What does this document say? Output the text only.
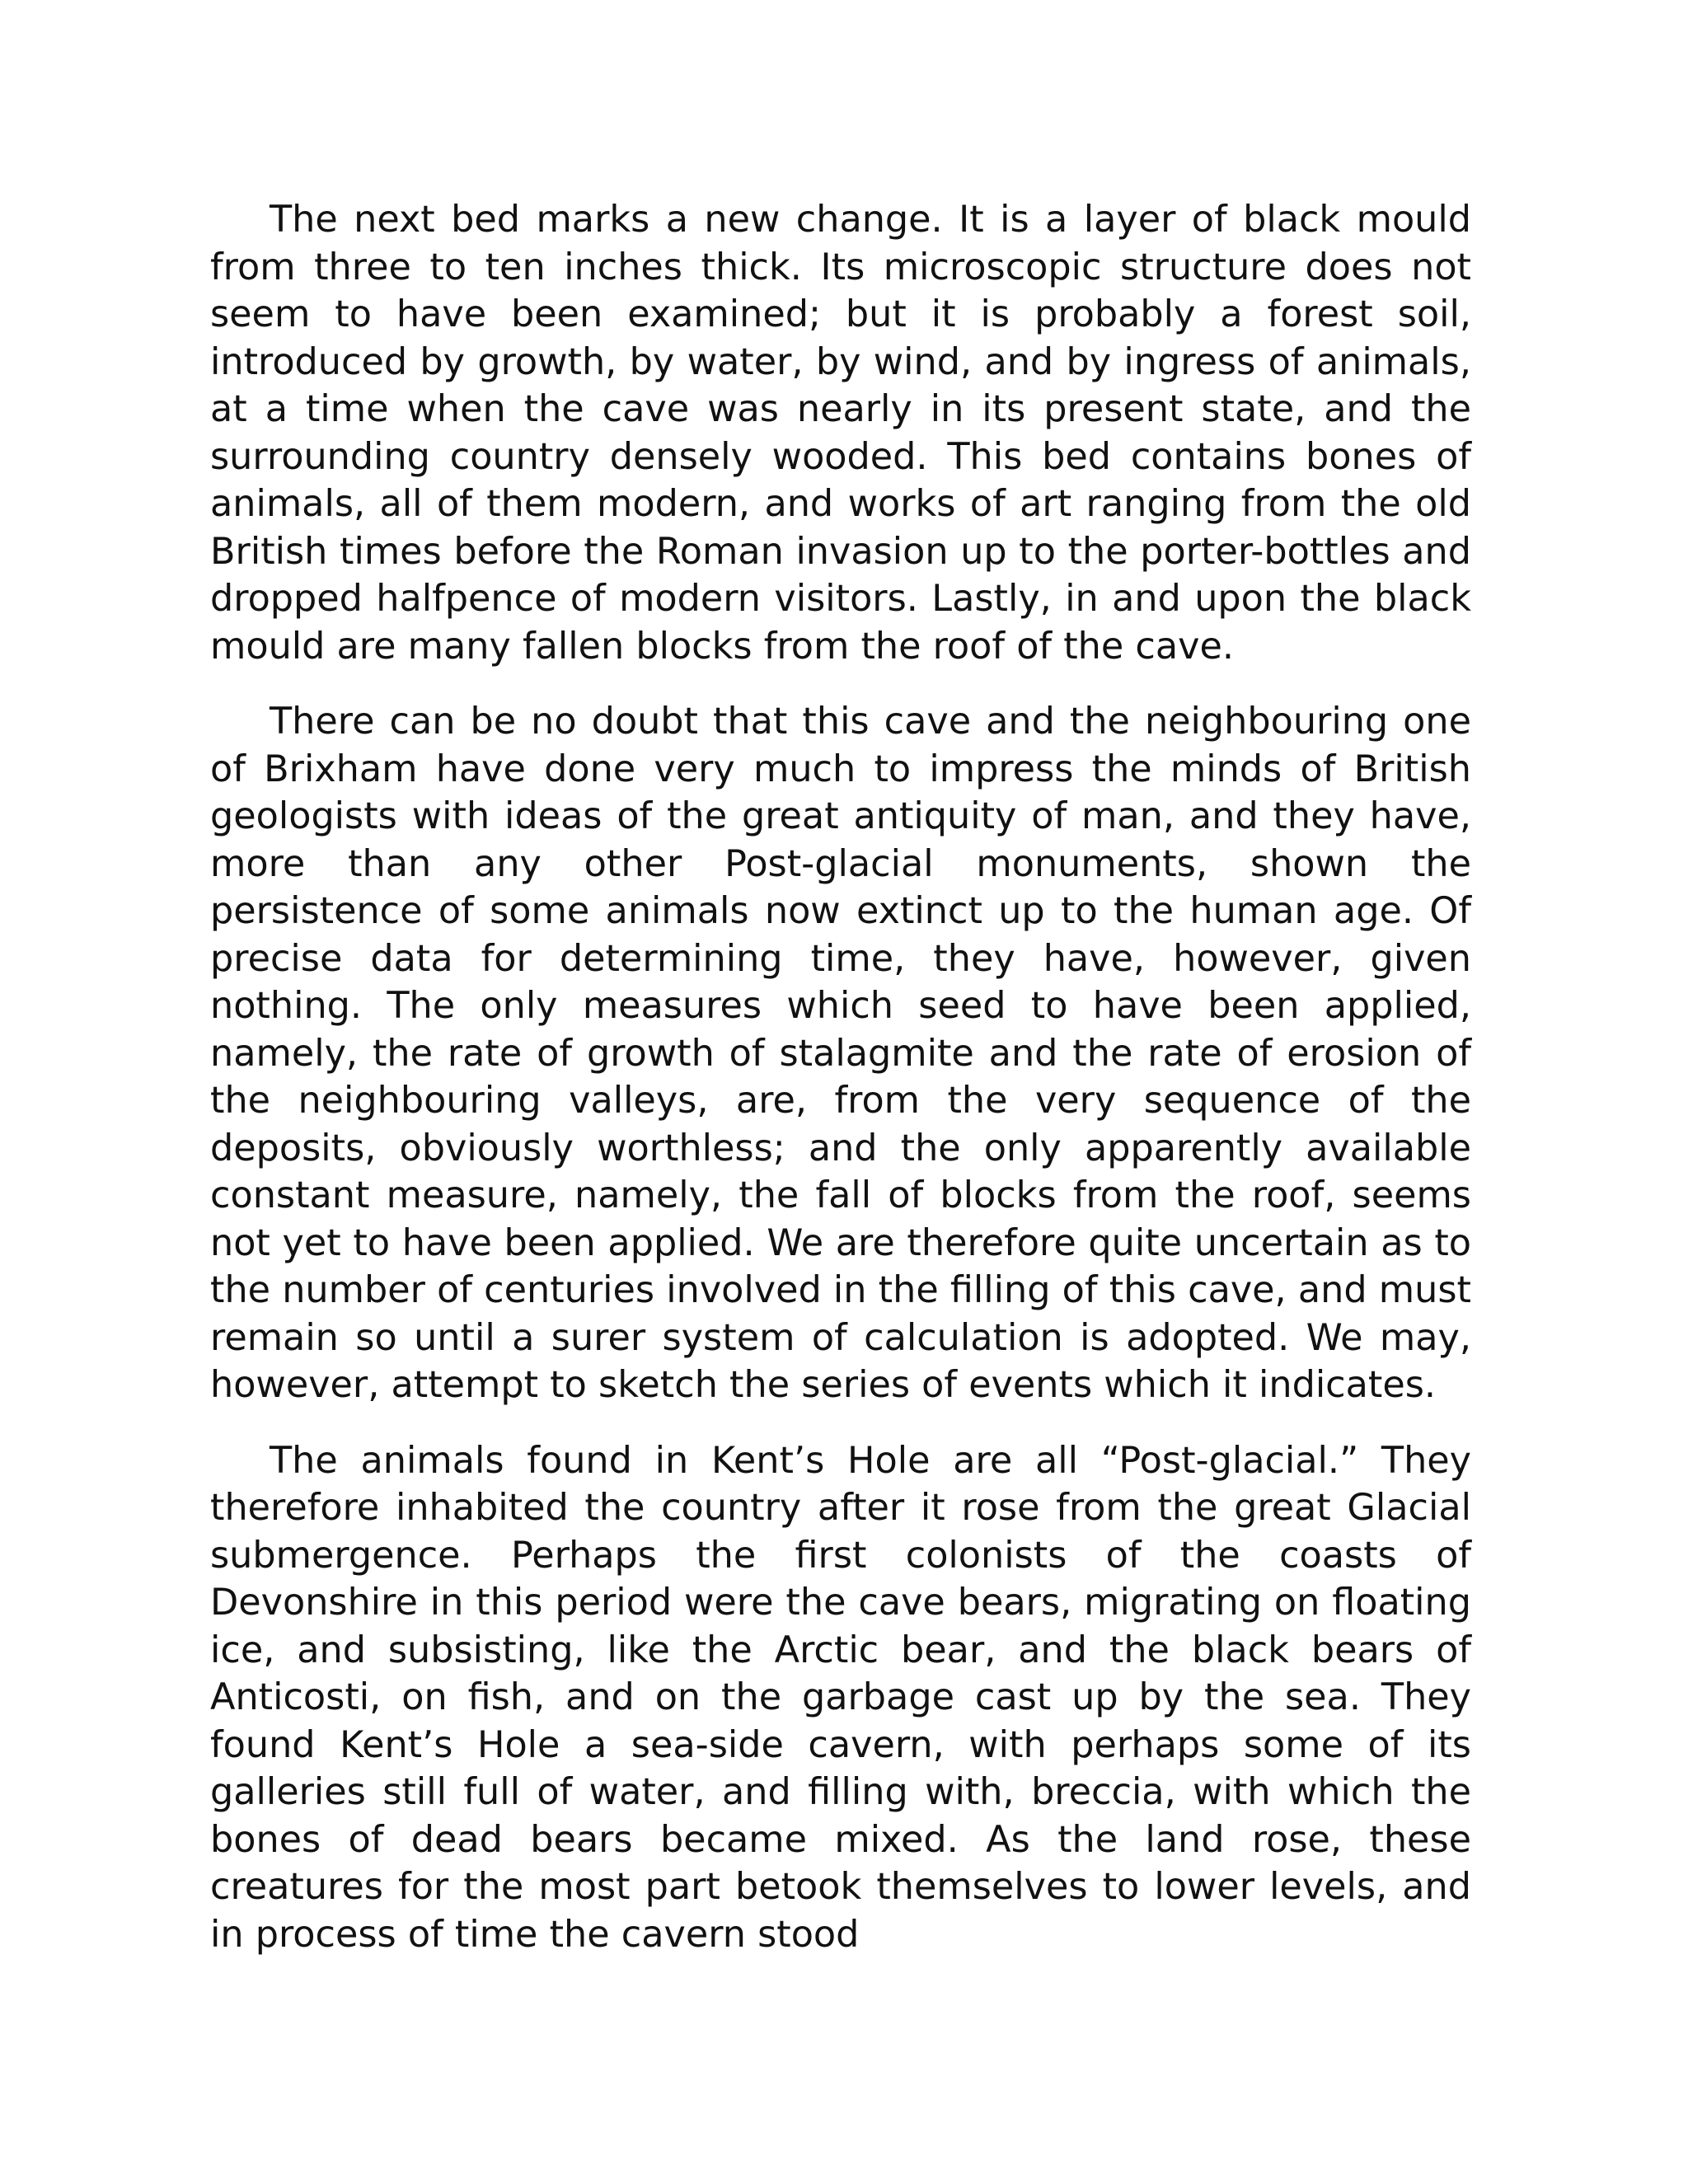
The next bed marks a new change. It is a layer of black mould from three to ten inches thick. Its microscopic structure does not seem to have been examined; but it is probably a forest soil, introduced by growth, by water, by wind, and by ingress of animals, at a time when the cave was nearly in its present state, and the surrounding country densely wooded. This bed contains bones of animals, all of them modern, and works of art ranging from the old British times before the Roman invasion up to the porter-bottles and dropped halfpence of modern visitors. Lastly, in and upon the black mould are many fallen blocks from the roof of the cave.

There can be no doubt that this cave and the neighbouring one of Brixham have done very much to impress the minds of British geologists with ideas of the great antiquity of man, and they have, more than any other Post-glacial monuments, shown the persistence of some animals now extinct up to the human age. Of precise data for determining time, they have, however, given nothing. The only measures which seed to have been applied, namely, the rate of growth of stalagmite and the rate of erosion of the neighbouring valleys, are, from the very sequence of the deposits, obviously worthless; and the only apparently available constant measure, namely, the fall of blocks from the roof, seems not yet to have been applied. We are therefore quite uncertain as to the number of centuries involved in the filling of this cave, and must remain so until a surer system of calculation is adopted. We may, however, attempt to sketch the series of events which it indicates.

The animals found in Kent’s Hole are all “Post-glacial.” They therefore inhabited the country after it rose from the great Glacial submergence. Perhaps the first colonists of the coasts of Devonshire in this period were the cave bears, migrating on floating ice, and subsisting, like the Arctic bear, and the black bears of Anticosti, on fish, and on the garbage cast up by the sea. They found Kent’s Hole a sea-side cavern, with perhaps some of its galleries still full of water, and filling with, breccia, with which the bones of dead bears became mixed. As the land rose, these creatures for the most part betook themselves to lower levels, and in process of time the cavern stood
